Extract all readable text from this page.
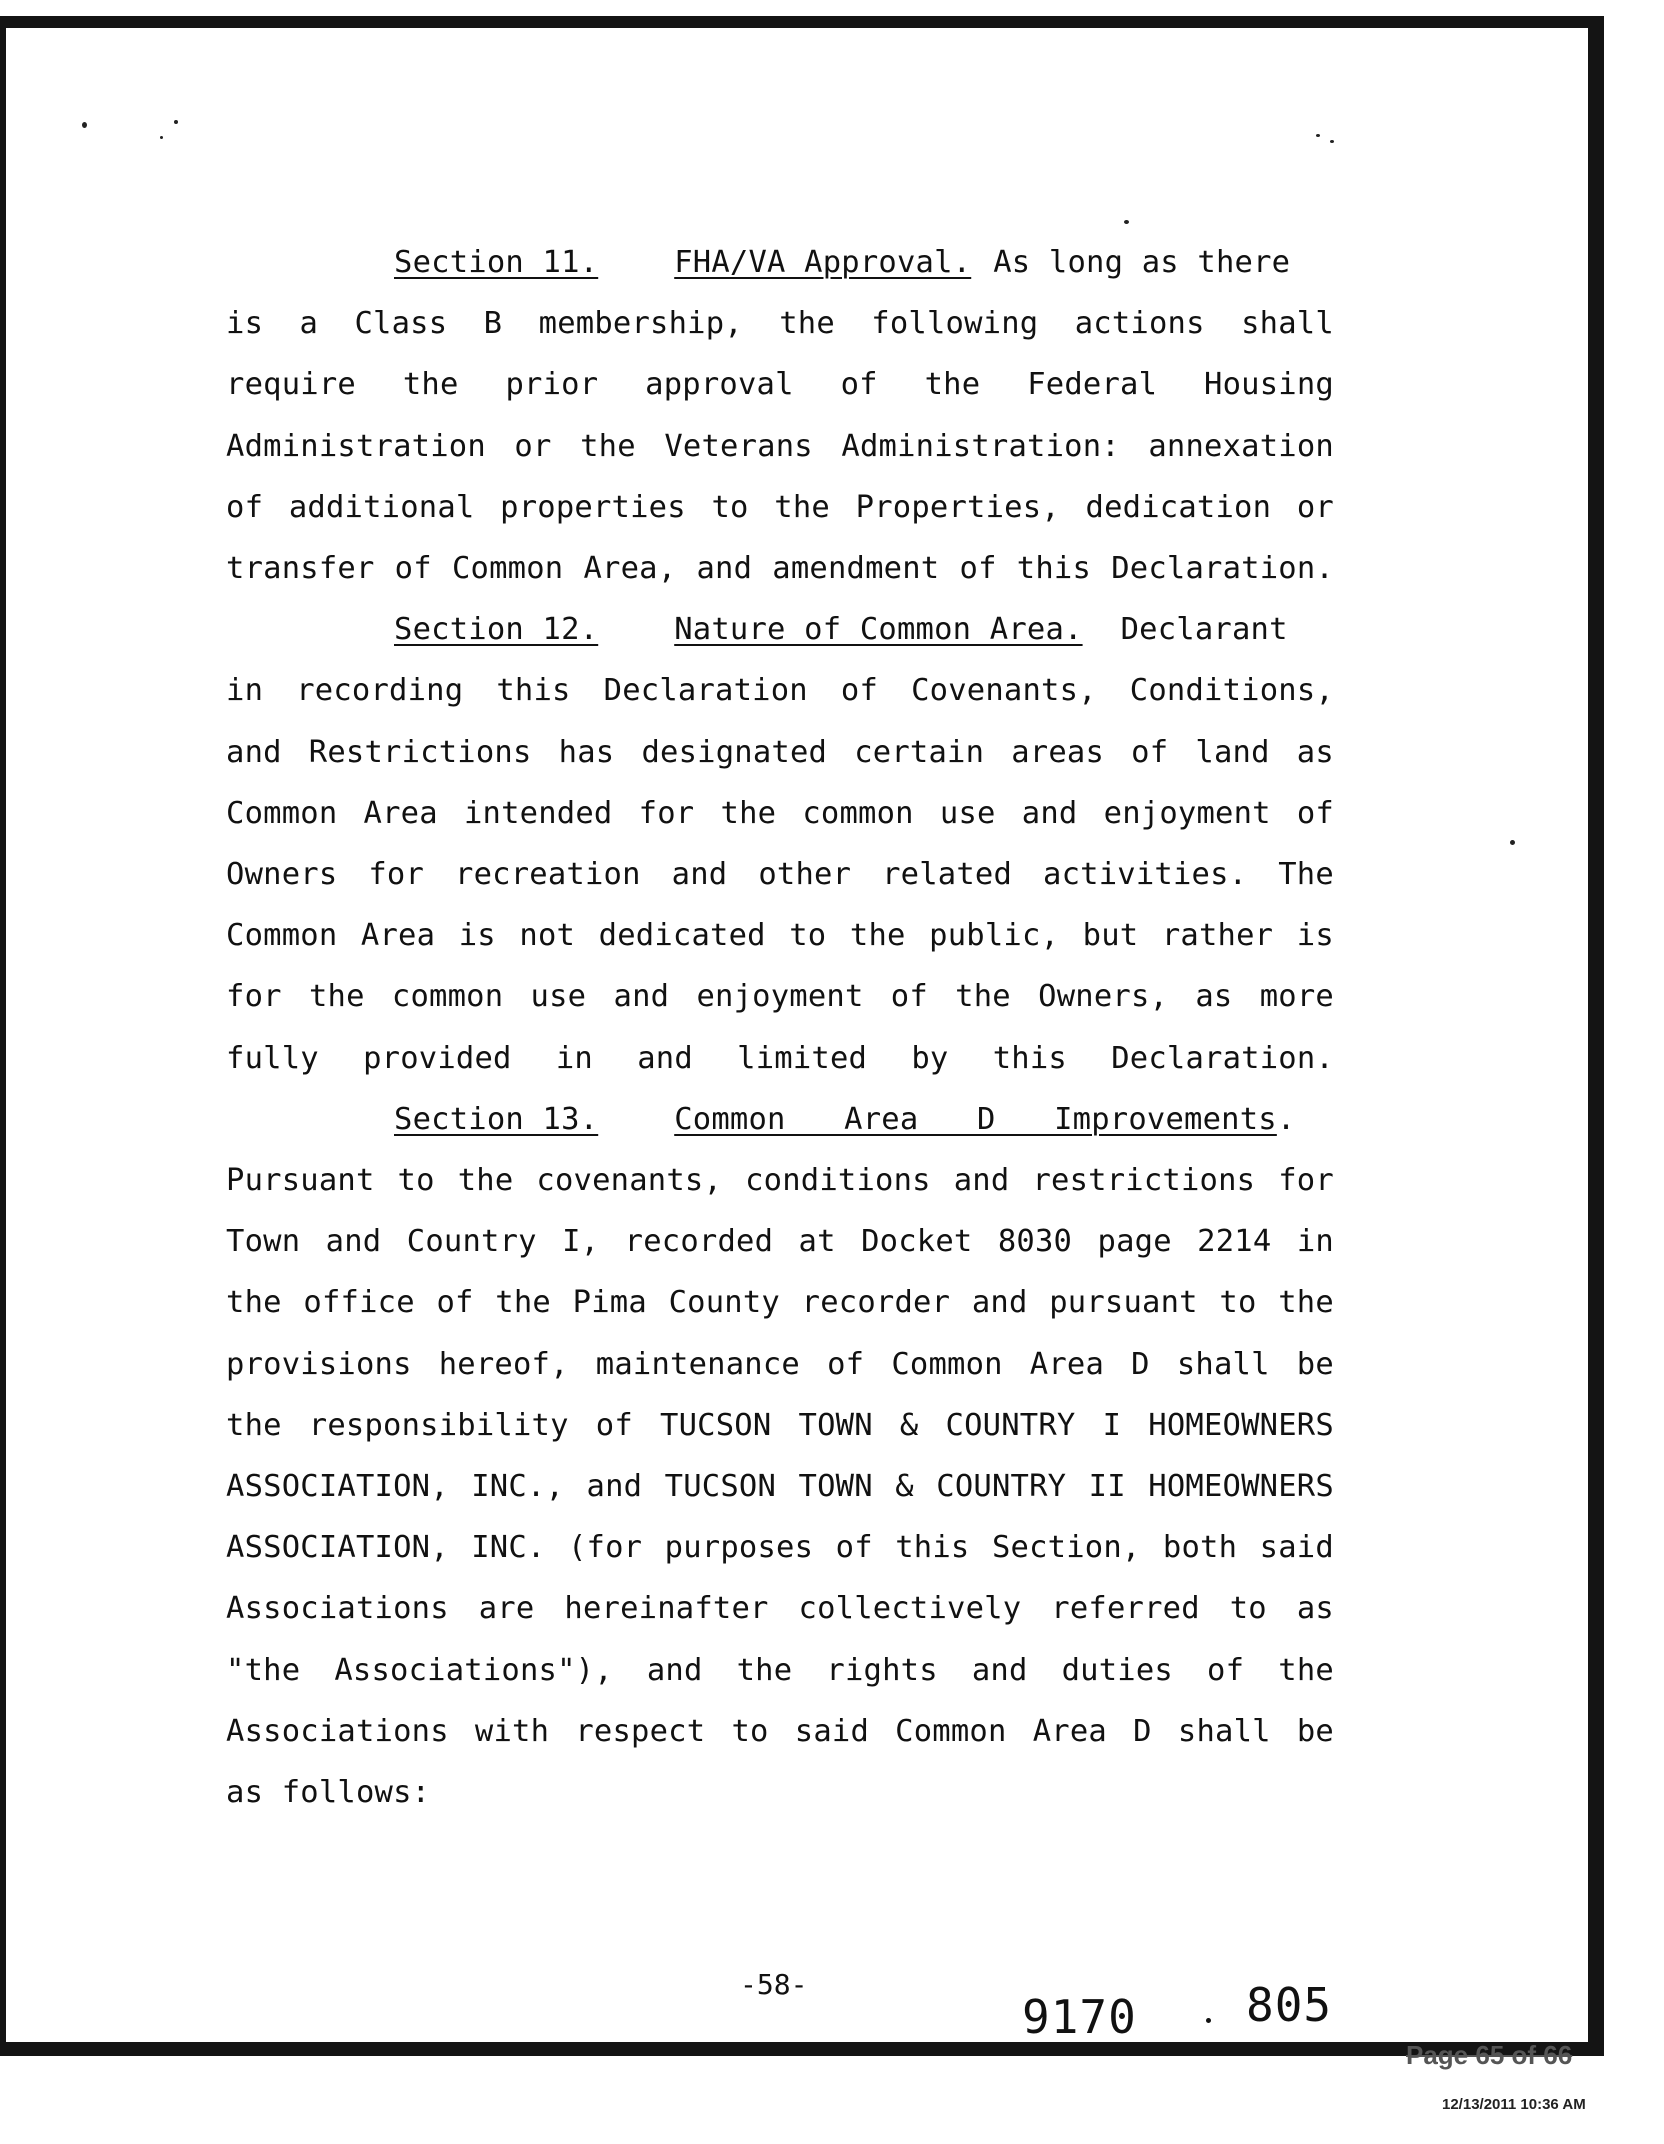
Section 11. FHA/VA Approval. As long as there
is a Class B membership, the following actions shall
require the prior approval of the Federal Housing
Administration or the Veterans Administration: annexation
of additional properties to the Properties, dedication or
transfer of Common Area, and amendment of this Declaration.
Section 12. Nature of Common Area. Declarant
in recording this Declaration of Covenants, Conditions,
and Restrictions has designated certain areas of land as
Common Area intended for the common use and enjoyment of
Owners for recreation and other related activities. The
Common Area is not dedicated to the public, but rather is
for the common use and enjoyment of the Owners, as more
fully provided in and limited by this Declaration.
Section 13. Common Area D Improvements .
Pursuant to the covenants, conditions and restrictions for
Town and Country I, recorded at Docket 8030 page 2214 in
the office of the Pima County recorder and pursuant to the
provisions hereof, maintenance of Common Area D shall be
the responsibility of TUCSON TOWN & COUNTRY I HOMEOWNERS
ASSOCIATION, INC., and TUCSON TOWN & COUNTRY II HOMEOWNERS
ASSOCIATION, INC. (for purposes of this Section, both said
Associations are hereinafter collectively referred to as
"the Associations"), and the rights and duties of the
Associations with respect to said Common Area D shall be
as follows:
-58-
9170 805
Page 65 of 66
12/13/2011 10:36 AM
